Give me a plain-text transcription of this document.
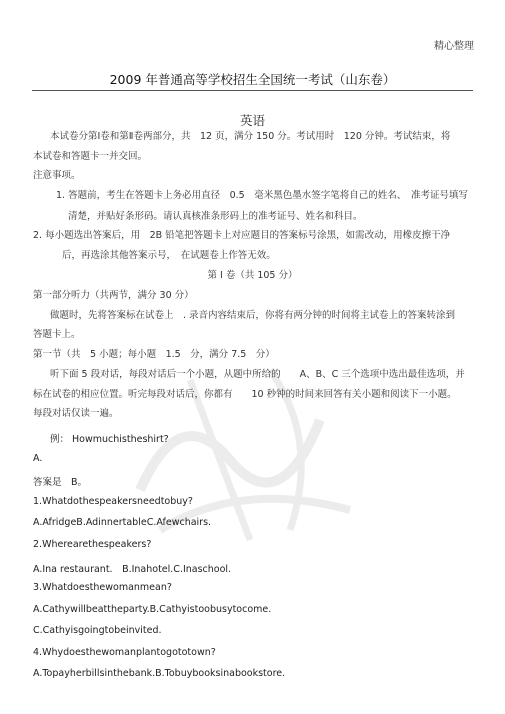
精心整理
2009 年普通高等学校招生全国统一考试（山东卷）
英语
本试卷分第Ⅰ卷和第Ⅱ卷两部分，共　12 页，满分 150 分。考试用时　120 分钟。考试结束，将
本试卷和答题卡一并交回。
注意事项。
1. 答题前，考生在答题卡上务必用直径　0.5　毫米黑色墨水签字笔将自己的姓名、　准考证号填写
清楚，并贴好条形码。请认真核准条形码上的准考证号、姓名和科目。
2. 每小题选出答案后，用　2B 铅笔把答题卡上对应题目的答案标号涂黑，如需改动，用橡皮擦干净
后，再选涂其他答案示号，　在试题卷上作答无效。
第 I 卷（共 105 分）
第一部分听力（共两节，满分 30 分）
做题时，先将答案标在试卷上　. 录音内容结束后，你将有两分钟的时间将主试卷上的答案转涂到
答题卡上。
第一节（共　5 小题；每小题　1.5　分，满分 7.5　分）
听下面 5 段对话，每段对话后一个小题，从题中所给的　　A、B、C 三个选项中选出最佳选项，并
标在试卷的相应位置。听完每段对话后，你都有　　10 秒钟的时间来回答有关小题和阅读下一小题。
每段对话仅读一遍。
例： Howmuchistheshirt?
A.
答案是　B。
1.Whatdothespeakersneedtobuy?
A.AfridgeB.AdinnertableC.Afewchairs.
2.Wherearethespeakers?
A.Ina restaurant.　B.Inahotel.C.Inaschool.
3.Whatdoesthewomanmean?
A.Cathywillbeattheparty.B.Cathyistoobusytocome.
C.Cathyisgoingtobeinvited.
4.Whydoesthewomanplantogototown?
A.Topayherbillsinthebank.B.Tobuybooksinabookstore.
